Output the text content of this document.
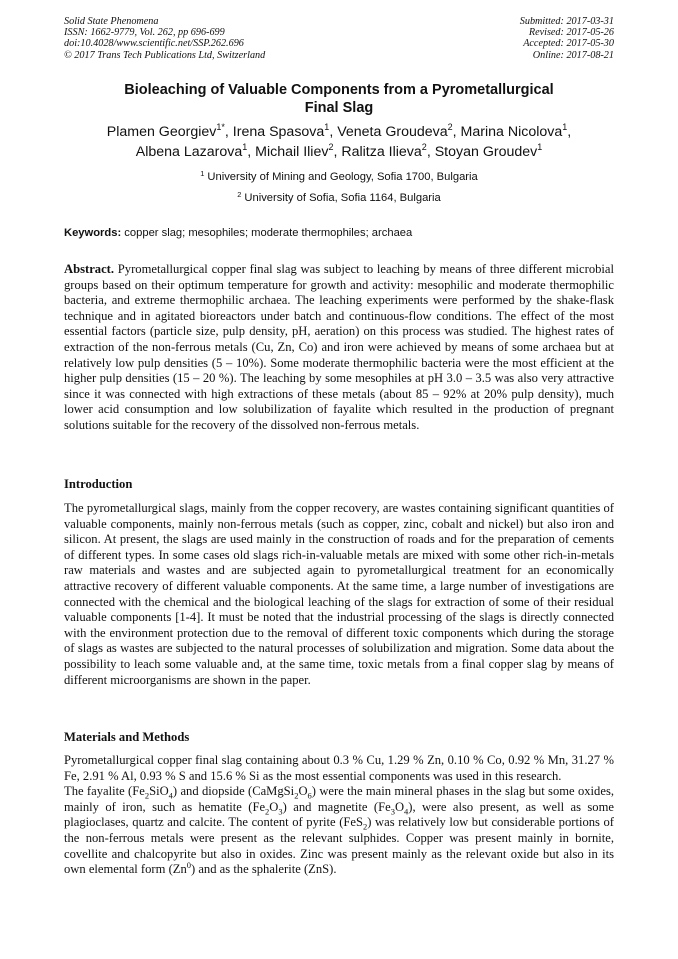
Solid State Phenomena
ISSN: 1662-9779, Vol. 262, pp 696-699
doi:10.4028/www.scientific.net/SSP.262.696
© 2017 Trans Tech Publications Ltd, Switzerland
Submitted: 2017-03-31
Revised: 2017-05-26
Accepted: 2017-05-30
Online: 2017-08-21
Bioleaching of Valuable Components from a Pyrometallurgical
Final Slag
Plamen Georgiev$^{1*}$, Irena Spasova$^1$, Veneta Groudeva$^2$, Marina Nicolova$^1$,
Albena Lazarova$^1$, Michail Iliev$^2$, Ralitza Ilieva$^2$, Stoyan Groudev$^1$
$^1$ University of Mining and Geology, Sofia 1700, Bulgaria
$^2$ University of Sofia, Sofia 1164, Bulgaria
Keywords: copper slag; mesophiles; moderate thermophiles; archaea

Abstract. Pyrometallurgical copper final slag was subject to leaching by means of three different microbial groups based on their optimum temperature for growth and activity: mesophilic and moderate thermophilic bacteria, and extreme thermophilic archaea. The leaching experiments were performed by the shake-flask technique and in agitated bioreactors under batch and continuous-flow conditions. The effect of the most essential factors (particle size, pulp density, pH, aeration) on this process was studied. The highest rates of extraction of the non-ferrous metals (Cu, Zn, Co) and iron were achieved by means of some archaea but at relatively low pulp densities (5 – 10%). Some moderate thermophilic bacteria were the most efficient at the higher pulp densities (15 – 20 %). The leaching by some mesophiles at pH 3.0 – 3.5 was also very attractive since it was connected with high extractions of these metals (about 85 – 92% at 20% pulp density), much lower acid consumption and low solubilization of fayalite which resulted in the production of pregnant solutions suitable for the recovery of the dissolved non-ferrous metals.

Introduction

The pyrometallurgical slags, mainly from the copper recovery, are wastes containing significant quantities of valuable components, mainly non-ferrous metals (such as copper, zinc, cobalt and nickel) but also iron and silicon. At present, the slags are used mainly in the construction of roads and for the preparation of cements of different types. In some cases old slags rich-in-valuable metals are mixed with some other rich-in-metals raw materials and wastes and are subjected again to pyrometallurgical treatment for an economically attractive recovery of different valuable components. At the same time, a large number of investigations are connected with the chemical and the biological leaching of the slags for extraction of some of their residual valuable components [1-4]. It must be noted that the industrial processing of the slags is directly connected with the environment protection due to the removal of different toxic components which during the storage of slags as wastes are subjected to the natural processes of solubilization and migration. Some data about the possibility to leach some valuable and, at the same time, toxic metals from a final copper slag by means of different microorganisms are shown in the paper.

Materials and Methods

Pyrometallurgical copper final slag containing about 0.3 % Cu, 1.29 % Zn, 0.10 % Co, 0.92 % Mn, 31.27 % Fe, 2.91 % Al, 0.93 % S and 15.6 % Si as the most essential components was used in this research.

The fayalite $(Fe_2SiO_4)$ and diopside $(CaMgSi_2O_6)$ were the main mineral phases in the slag but some oxides, mainly of iron, such as hematite $(Fe_2O_3)$ and magnetite $(Fe_3O_4)$, were also present, as well as some plagioclases, quartz and calcite. The content of pyrite (FeS$_2$) was relatively low but considerable portions of the non-ferrous metals were present as the relevant sulphides. Copper was present mainly in bornite, covellite and chalcopyrite but also in oxides. Zinc was present mainly as the relevant oxide but also in its own elemental form (Zn$^0$) and as the sphalerite (ZnS).
